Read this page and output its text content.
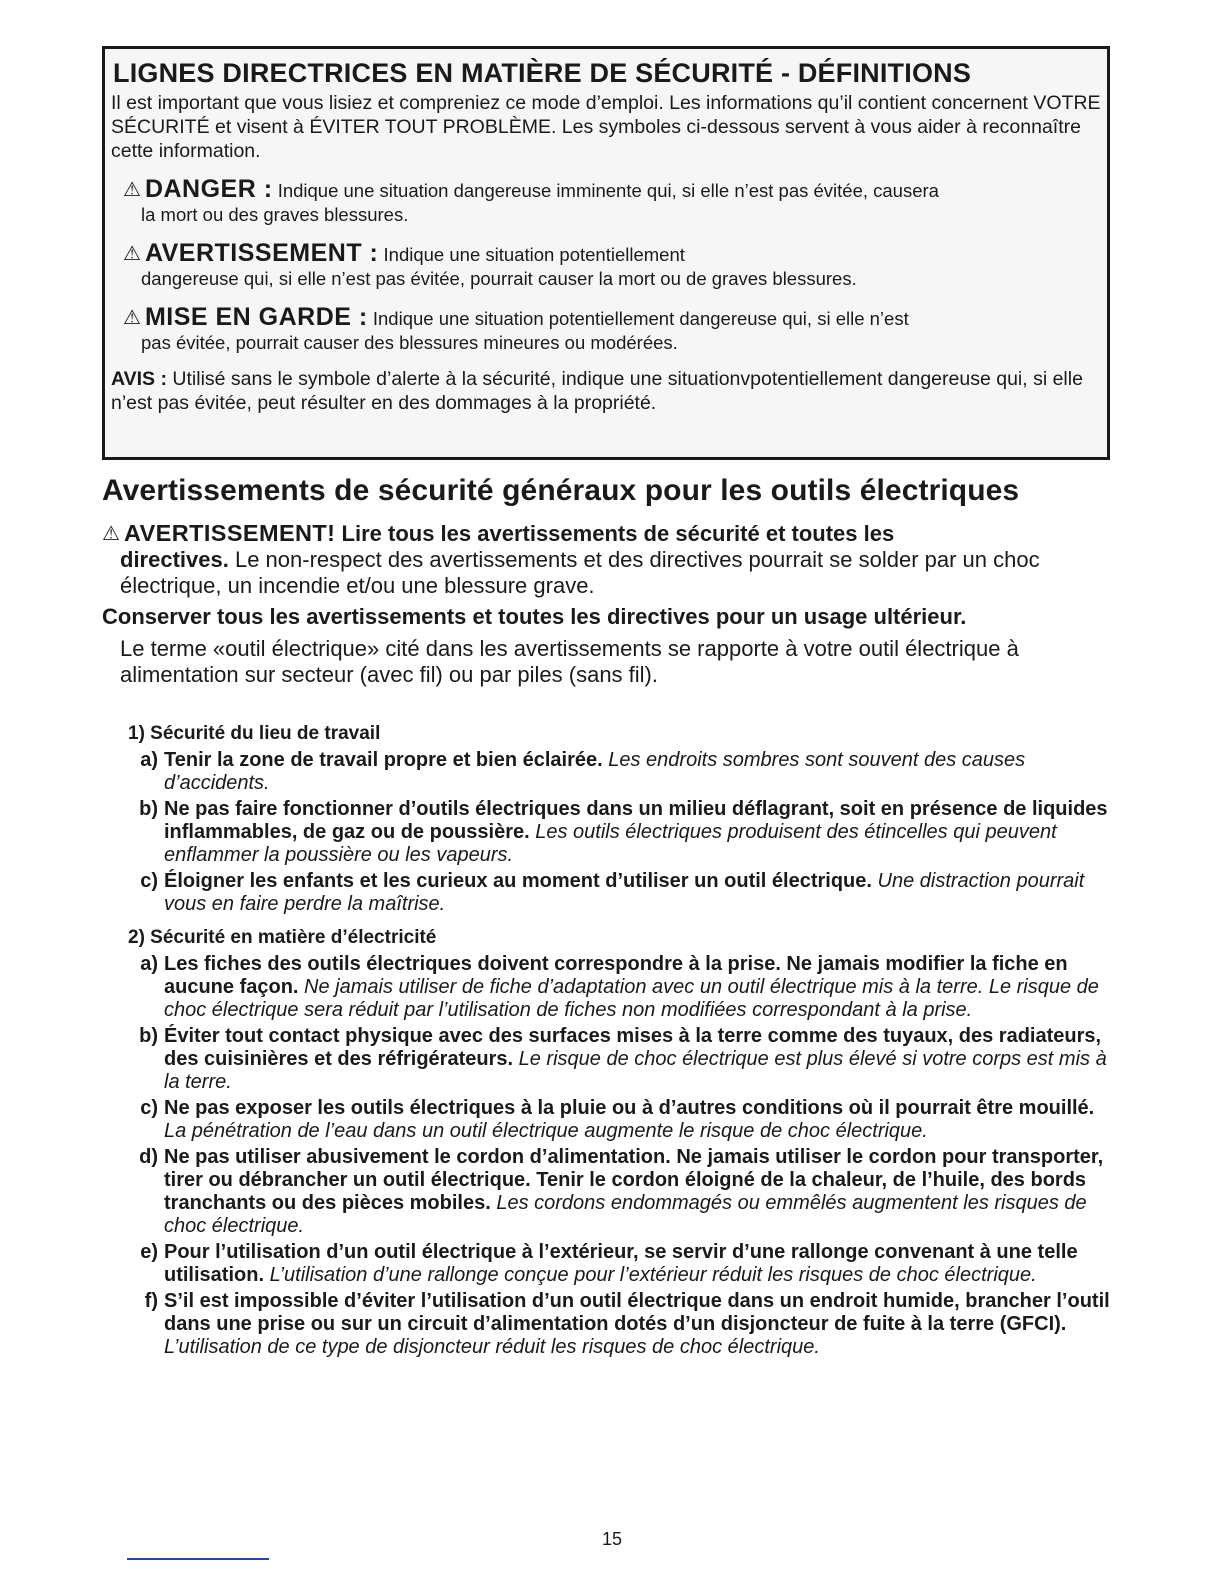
LIGNES DIRECTRICES EN MATIÈRE DE SÉCURITÉ - DÉFINITIONS
Il est important que vous lisiez et compreniez ce mode d’emploi. Les informations qu’il contient concernent VOTRE SÉCURITÉ et visent à ÉVITER TOUT PROBLÈME. Les symboles ci-dessous servent à vous aider à reconnaître cette information.
⚠ DANGER : Indique une situation dangereuse imminente qui, si elle n’est pas évitée, causera
la mort ou des graves blessures.
⚠ AVERTISSEMENT : Indique une situation potentiellement
dangereuse qui, si elle n’est pas évitée, pourrait causer la mort ou de graves blessures.
⚠ MISE EN GARDE : Indique une situation potentiellement dangereuse qui, si elle n’est
pas évitée, pourrait causer des blessures mineures ou modérées.
AVIS : Utilisé sans le symbole d’alerte à la sécurité, indique une situationvpotentiellement dangereuse qui, si elle n’est pas évitée, peut résulter en des dommages à la propriété.
Avertissements de sécurité généraux pour les outils électriques
⚠ AVERTISSEMENT! Lire tous les avertissements de sécurité et toutes les
directives. Le non-respect des avertissements et des directives pourrait se solder par un choc électrique, un incendie et/ou une blessure grave.
Conserver tous les avertissements et toutes les directives pour un usage ultérieur.
Le terme «outil électrique» cité dans les avertissements se rapporte à votre outil électrique à alimentation sur secteur (avec fil) ou par piles (sans fil).
1) Sécurité du lieu de travail
a) Tenir la zone de travail propre et bien éclairée. Les endroits sombres sont souvent des causes d’accidents.
b) Ne pas faire fonctionner d’outils électriques dans un milieu déflagrant, soit en présence de liquides inflammables, de gaz ou de poussière. Les outils électriques produisent des étincelles qui peuvent enflammer la poussière ou les vapeurs.
c) Éloigner les enfants et les curieux au moment d’utiliser un outil électrique. Une distraction pourrait vous en faire perdre la maîtrise.
2) Sécurité en matière d’électricité
a) Les fiches des outils électriques doivent correspondre à la prise. Ne jamais modifier la fiche en aucune façon. Ne jamais utiliser de fiche d’adaptation avec un outil électrique mis à la terre. Le risque de choc électrique sera réduit par l’utilisation de fiches non modifiées correspondant à la prise.
b) Éviter tout contact physique avec des surfaces mises à la terre comme des tuyaux, des radiateurs, des cuisinières et des réfrigérateurs. Le risque de choc électrique est plus élevé si votre corps est mis à la terre.
c) Ne pas exposer les outils électriques à la pluie ou à d’autres conditions où il pourrait être mouillé. La pénétration de l’eau dans un outil électrique augmente le risque de choc électrique.
d) Ne pas utiliser abusivement le cordon d’alimentation. Ne jamais utiliser le cordon pour transporter, tirer ou débrancher un outil électrique. Tenir le cordon éloigné de la chaleur, de l’huile, des bords tranchants ou des pièces mobiles. Les cordons endommagés ou emmêlés augmentent les risques de choc électrique.
e) Pour l’utilisation d’un outil électrique à l’extérieur, se servir d’une rallonge convenant à une telle utilisation. L’utilisation d’une rallonge conçue pour l’extérieur réduit les risques de choc électrique.
f) S’il est impossible d’éviter l’utilisation d’un outil électrique dans un endroit humide, brancher l’outil dans une prise ou sur un circuit d’alimentation dotés d’un disjoncteur de fuite à la terre (GFCI). L’utilisation de ce type de disjoncteur réduit les risques de choc électrique.
15
